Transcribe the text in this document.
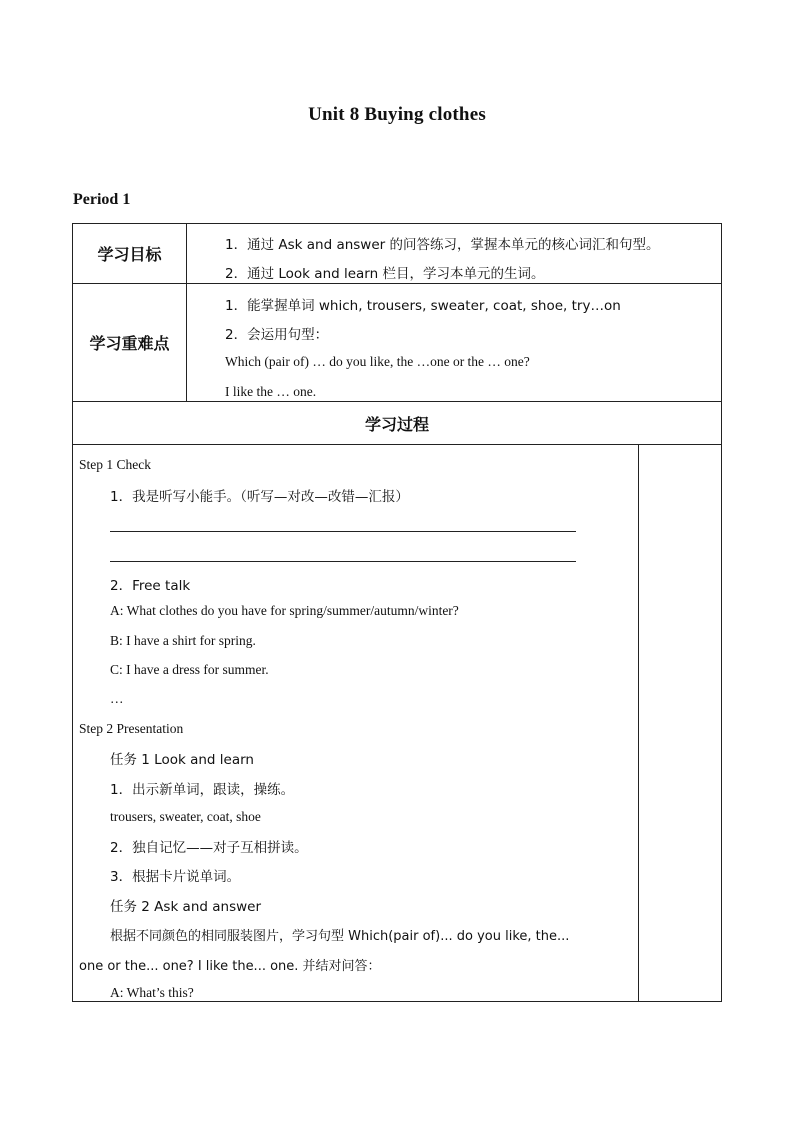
Unit 8 Buying clothes
Period 1
学习目标	1．通过 Ask and answer 的问答练习，掌握本单元的核心词汇和句型。
2．通过 Look and learn 栏目，学习本单元的生词。
学习重难点
1．能掌握单词 which, trousers, sweater, coat, shoe, try…on
2．会运用句型：
Which (pair of) … do you like, the …one or the … one?
I like the … one.
学习过程
Step 1 Check
1．我是听写小能手。（听写—对改—改错—汇报）
2．Free talk
A: What clothes do you have for spring/summer/autumn/winter?
B: I have a shirt for spring.
C: I have a dress for summer.
…
Step 2 Presentation
任务 1 Look and learn
1．出示新单词，跟读，操练。
trousers, sweater, coat, shoe
2．独自记忆——对子互相拼读。
3．根据卡片说单词。
任务 2 Ask and answer
根据不同颜色的相同服装图片，学习句型 Which(pair of)... do you like, the...
one or the... one? I like the... one. 并结对问答：
A: What’s this?
